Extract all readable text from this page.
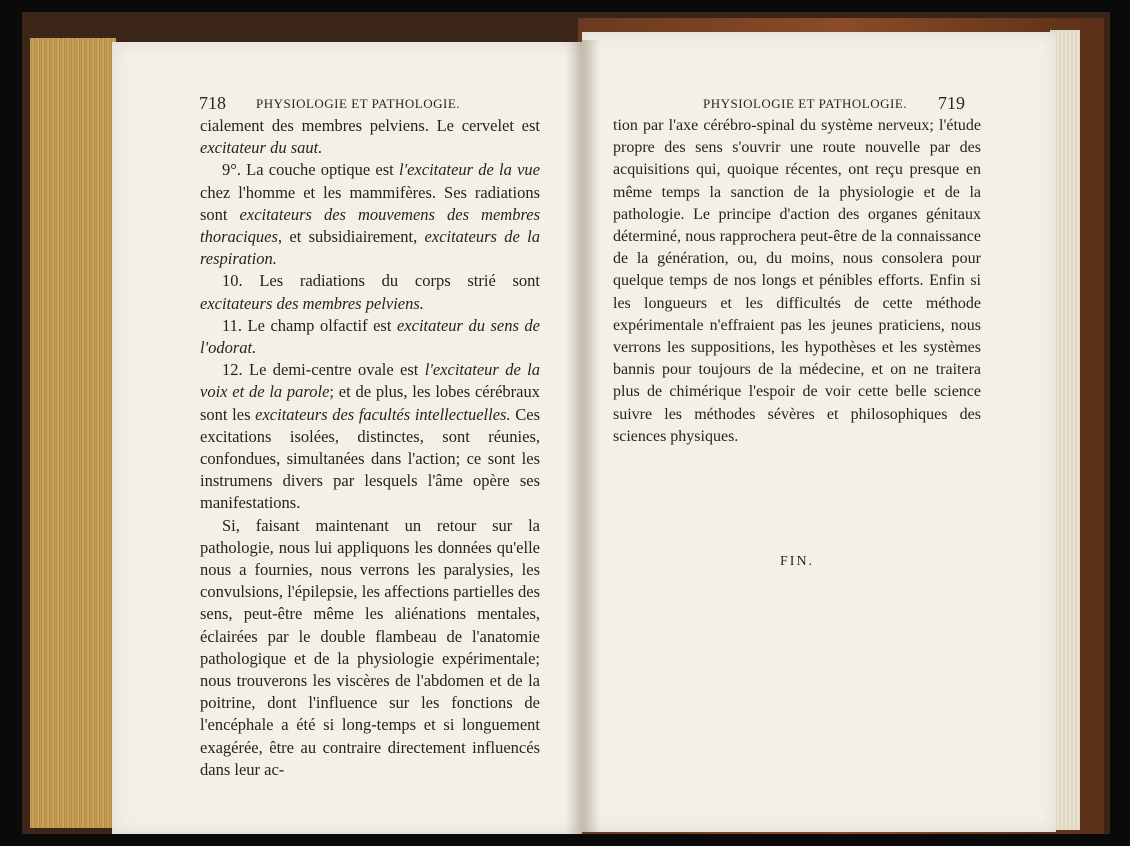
718 PHYSIOLOGIE ET PATHOLOGIE.	PHYSIOLOGIE ET PATHOLOGIE. 719

cialement des membres pelviens. Le cervelet est excitateur du saut.

9°. La couche optique est l'excitateur de la vue chez l'homme et les mammifères. Ses radiations sont excitateurs des mouvemens des membres thoraciques, et subsidiairement, excitateurs de la respiration.

10. Les radiations du corps strié sont excitateurs des membres pelviens.

11. Le champ olfactif est excitateur du sens de l'odorat.

12. Le demi-centre ovale est l'excitateur de la voix et de la parole; et de plus, les lobes cérébraux sont les excitateurs des facultés intellectuelles. Ces excitations isolées, distinctes, sont réunies, confondues, simultanées dans l'action; ce sont les instrumens divers par lesquels l'âme opère ses manifestations.

Si, faisant maintenant un retour sur la pathologie, nous lui appliquons les données qu'elle nous a fournies, nous verrons les paralysies, les convulsions, l'épilepsie, les affections partielles des sens, peut-être même les aliénations mentales, éclairées par le double flambeau de l'anatomie pathologique et de la physiologie expérimentale; nous trouverons les viscères de l'abdomen et de la poitrine, dont l'influence sur les fonctions de l'encéphale a été si long-temps et si longuement exagérée, être au contraire directement influencés dans leur ac-

tion par l'axe cérébro-spinal du système nerveux; l'étude propre des sens s'ouvrir une route nouvelle par des acquisitions qui, quoique récentes, ont reçu presque en même temps la sanction de la physiologie et de la pathologie. Le principe d'action des organes génitaux déterminé, nous rapprochera peut-être de la connaissance de la génération, ou, du moins, nous consolera pour quelque temps de nos longs et pénibles efforts. Enfin si les longueurs et les difficultés de cette méthode expérimentale n'effraient pas les jeunes praticiens, nous verrons les suppositions, les hypothèses et les systèmes bannis pour toujours de la médecine, et on ne traitera plus de chimérique l'espoir de voir cette belle science suivre les méthodes sévères et philosophiques des sciences physiques.

FIN.
